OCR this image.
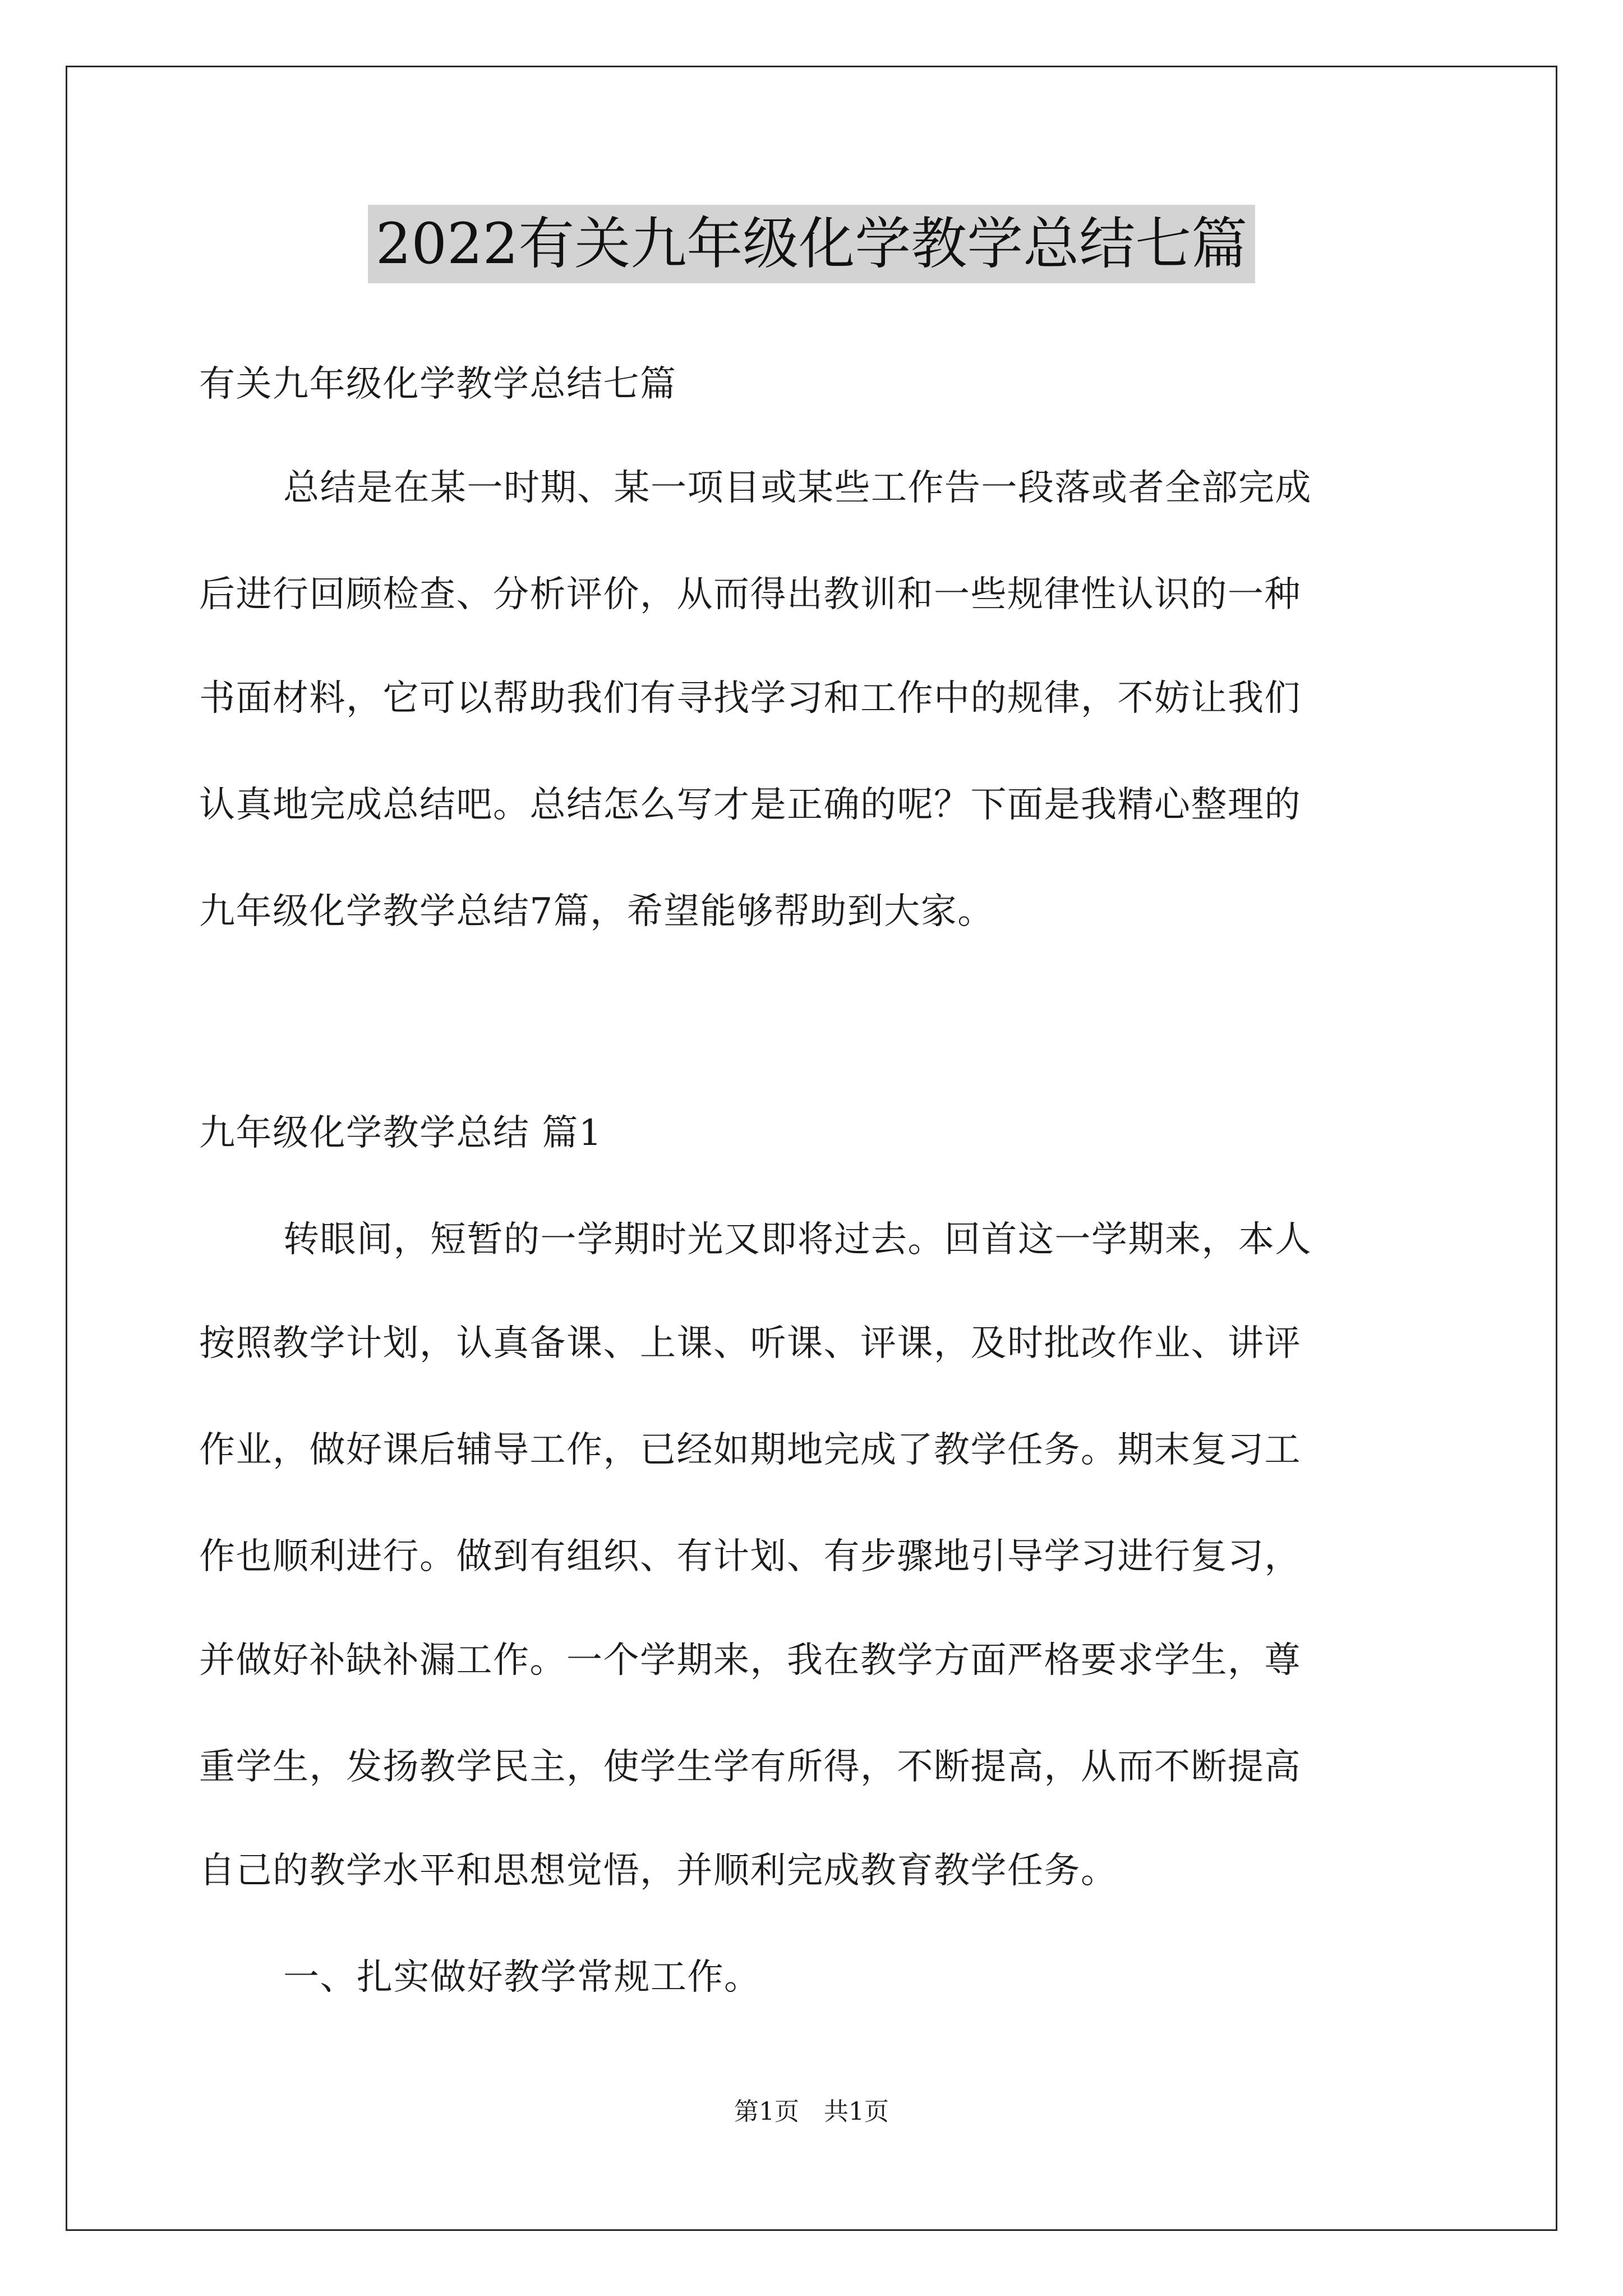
2022有关九年级化学教学总结七篇
有关九年级化学教学总结七篇
总结是在某一时期、某一项目或某些工作告一段落或者全部完成
后进行回顾检查、分析评价，从而得出教训和一些规律性认识的一种
书面材料，它可以帮助我们有寻找学习和工作中的规律，不妨让我们
认真地完成总结吧。总结怎么写才是正确的呢？下面是我精心整理的
九年级化学教学总结7篇，希望能够帮助到大家。
九年级化学教学总结 篇1
转眼间，短暂的一学期时光又即将过去。回首这一学期来，本人
按照教学计划，认真备课、上课、听课、评课，及时批改作业、讲评
作业，做好课后辅导工作，已经如期地完成了教学任务。期末复习工
作也顺利进行。做到有组织、有计划、有步骤地引导学习进行复习，
并做好补缺补漏工作。一个学期来，我在教学方面严格要求学生，尊
重学生，发扬教学民主，使学生学有所得，不断提高，从而不断提高
自己的教学水平和思想觉悟，并顺利完成教育教学任务。
一、扎实做好教学常规工作。
第1页　共1页
